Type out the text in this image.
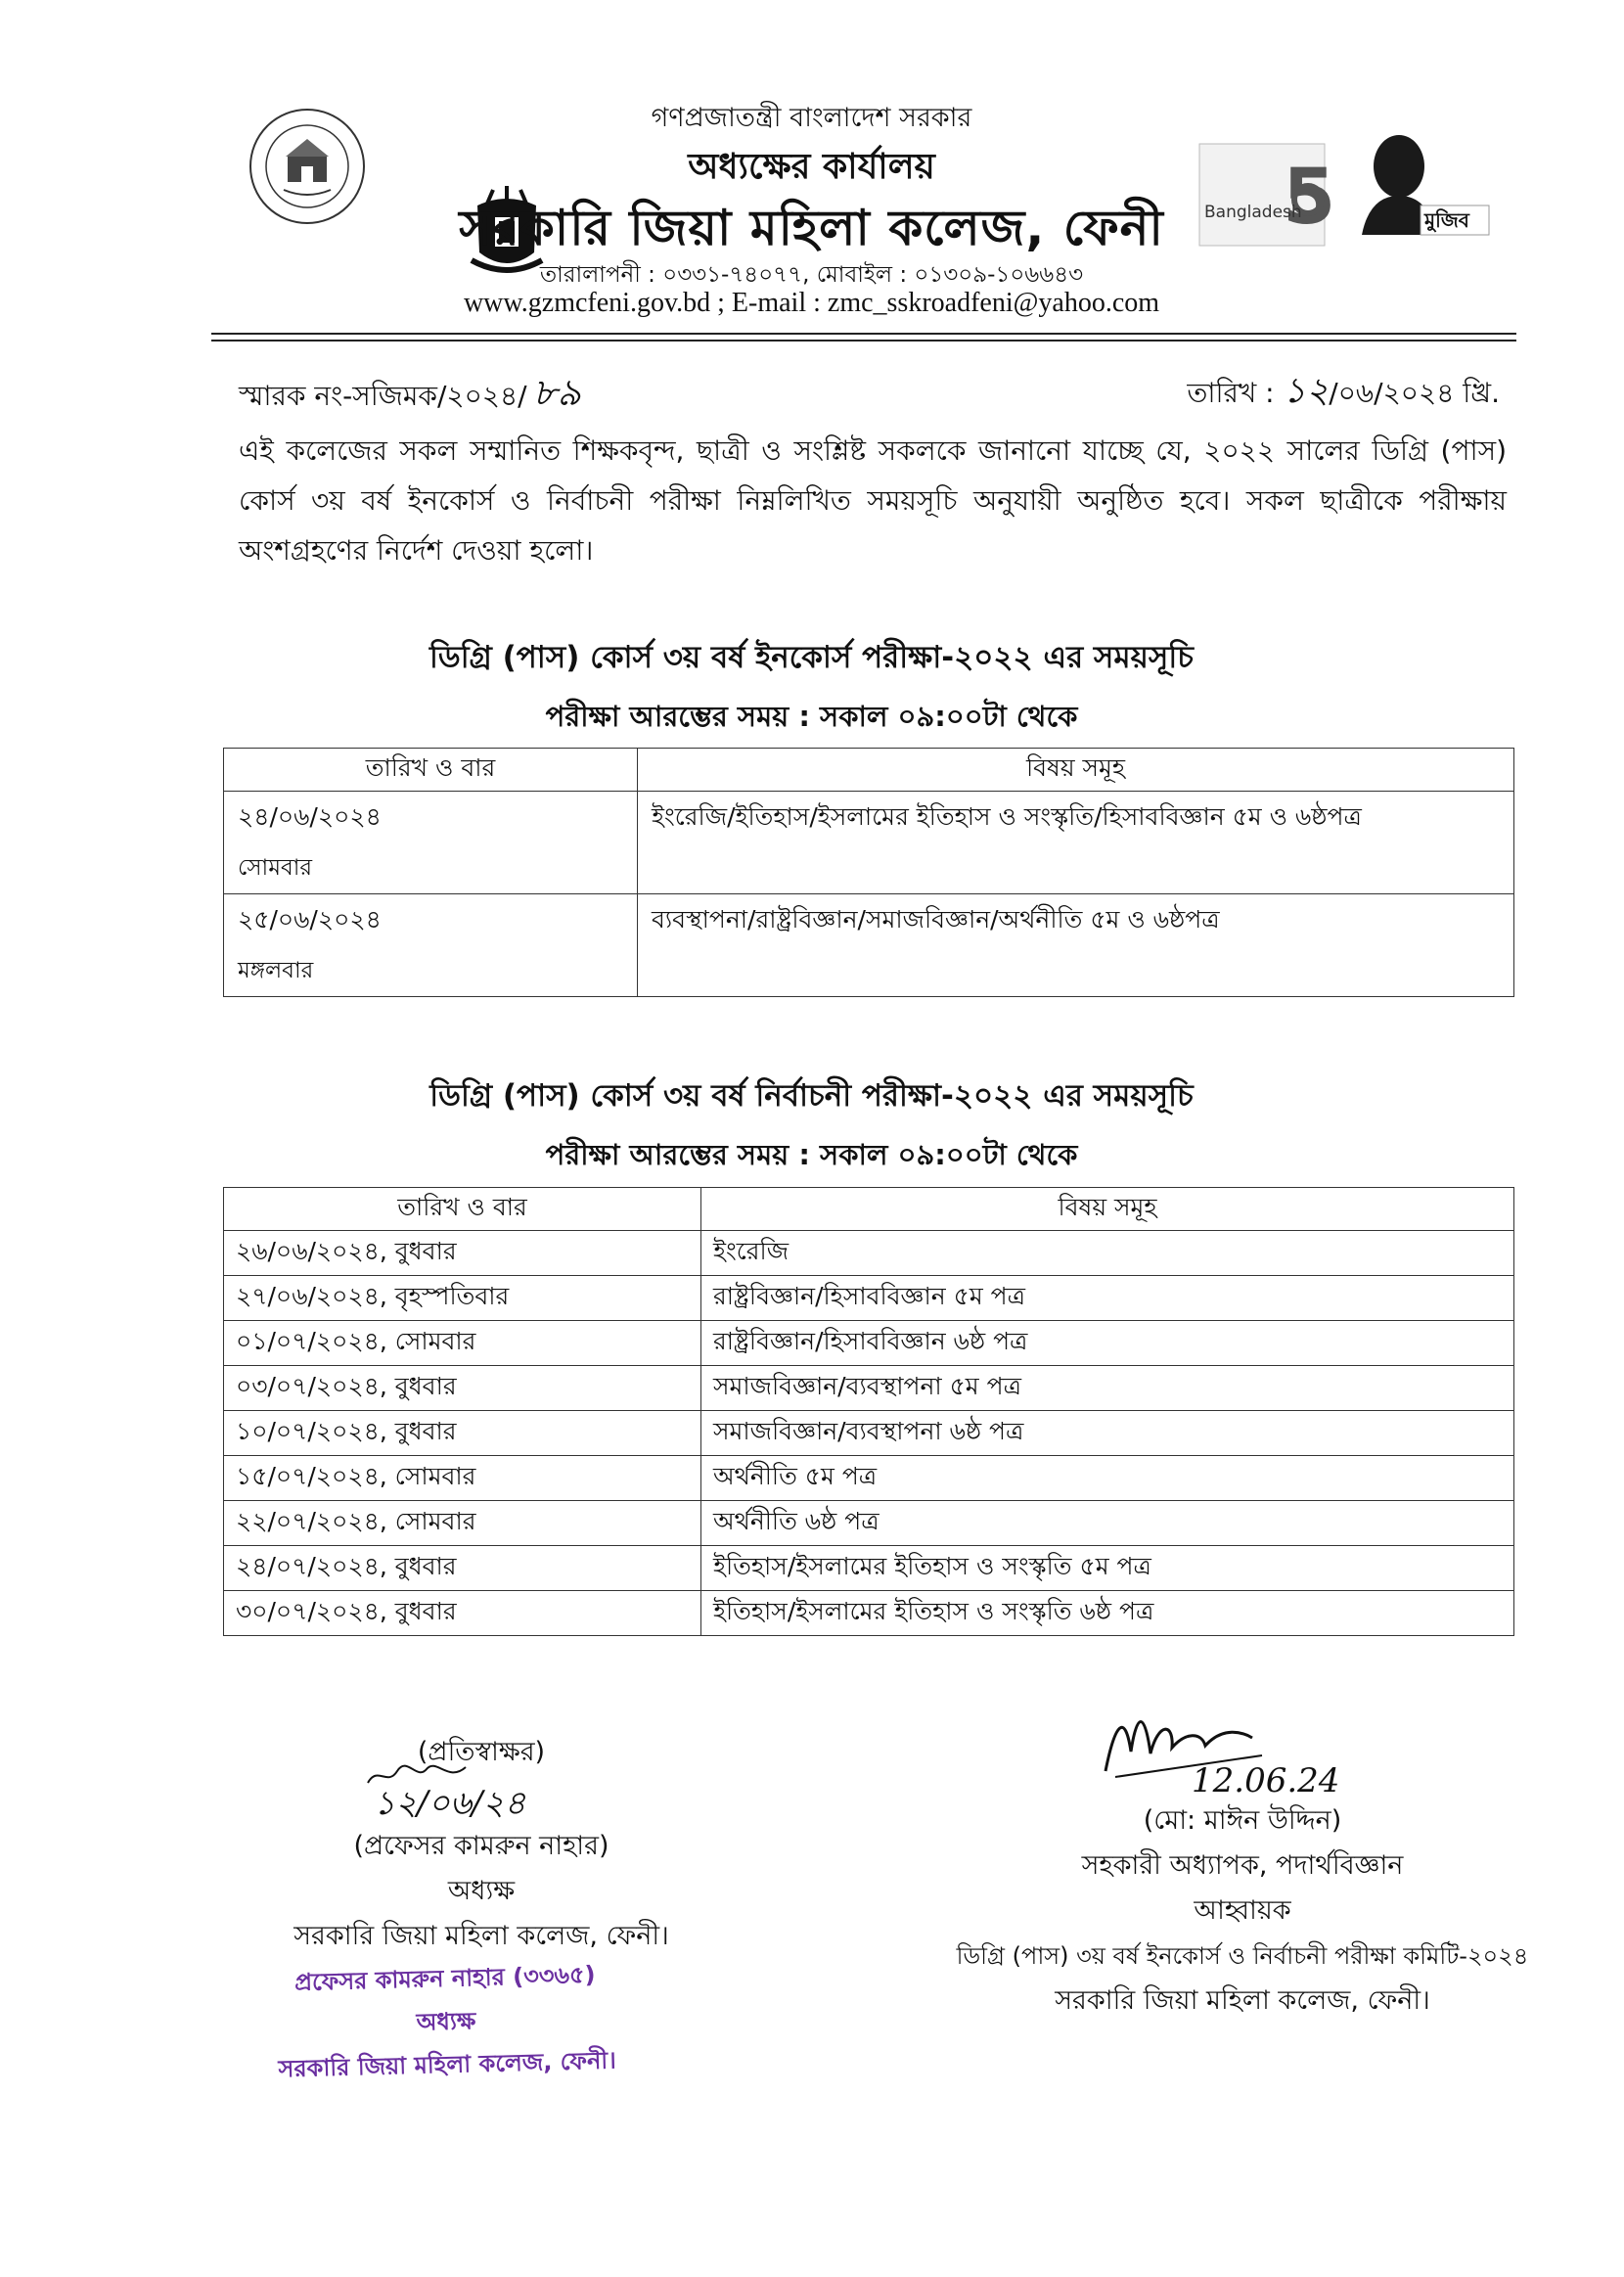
5
Bangladesh	মুজিব
গণপ্রজাতন্ত্রী বাংলাদেশ সরকার
অধ্যক্ষের কার্যালয়
সরকারি জিয়া মহিলা কলেজ, ফেনী
তারালাপনী : ০৩৩১-৭৪০৭৭, মোবাইল : ০১৩০৯-১০৬৬৪৩
www.gzmcfeni.gov.bd ; E-mail : zmc_sskroadfeni@yahoo.com
স্মারক নং-সজিমক/২০২৪/ ৮৯	তারিখ : ১২/০৬/২০২৪ খ্রি.
এই কলেজের সকল সম্মানিত শিক্ষকবৃন্দ, ছাত্রী ও সংশ্লিষ্ট সকলকে জানানো যাচ্ছে যে, ২০২২ সালের ডিগ্রি (পাস) কোর্স ৩য় বর্ষ ইনকোর্স ও নির্বাচনী পরীক্ষা নিম্নলিখিত সময়সূচি অনুযায়ী অনুষ্ঠিত হবে। সকল ছাত্রীকে পরীক্ষায় অংশগ্রহণের নির্দেশ দেওয়া হলো।
ডিগ্রি (পাস) কোর্স ৩য় বর্ষ ইনকোর্স পরীক্ষা-২০২২ এর সময়সূচি
পরীক্ষা আরম্ভের সময় : সকাল ০৯:০০টা থেকে
তারিখ ও বার	বিষয় সমূহ
২৪/০৬/২০২৪
সোমবার	ইংরেজি/ইতিহাস/ইসলামের ইতিহাস ও সংস্কৃতি/হিসাববিজ্ঞান ৫ম ও ৬ষ্ঠপত্র
২৫/০৬/২০২৪
মঙ্গলবার	ব্যবস্থাপনা/রাষ্ট্রবিজ্ঞান/সমাজবিজ্ঞান/অর্থনীতি ৫ম ও ৬ষ্ঠপত্র
ডিগ্রি (পাস) কোর্স ৩য় বর্ষ নির্বাচনী পরীক্ষা-২০২২ এর সময়সূচি
পরীক্ষা আরম্ভের সময় : সকাল ০৯:০০টা থেকে
তারিখ ও বার	বিষয় সমূহ
২৬/০৬/২০২৪, বুধবার	ইংরেজি
২৭/০৬/২০২৪, বৃহস্পতিবার	রাষ্ট্রবিজ্ঞান/হিসাববিজ্ঞান ৫ম পত্র
০১/০৭/২০২৪, সোমবার	রাষ্ট্রবিজ্ঞান/হিসাববিজ্ঞান ৬ষ্ঠ পত্র
০৩/০৭/২০২৪, বুধবার	সমাজবিজ্ঞান/ব্যবস্থাপনা ৫ম পত্র
১০/০৭/২০২৪, বুধবার	সমাজবিজ্ঞান/ব্যবস্থাপনা ৬ষ্ঠ পত্র
১৫/০৭/২০২৪, সোমবার	অর্থনীতি ৫ম পত্র
২২/০৭/২০২৪, সোমবার	অর্থনীতি ৬ষ্ঠ পত্র
২৪/০৭/২০২৪, বুধবার	ইতিহাস/ইসলামের ইতিহাস ও সংস্কৃতি ৫ম পত্র
৩০/০৭/২০২৪, বুধবার	ইতিহাস/ইসলামের ইতিহাস ও সংস্কৃতি ৬ষ্ঠ পত্র
(প্রতিস্বাক্ষর)
১২/০৬/২৪
(প্রফেসর কামরুন নাহার)
অধ্যক্ষ
সরকারি জিয়া মহিলা কলেজ, ফেনী।
প্রফেসর কামরুন নাহার (৩৩৬৫)
অধ্যক্ষ
সরকারি জিয়া মহিলা কলেজ, ফেনী।
12.06.24
(মো: মাঈন উদ্দিন)
সহকারী অধ্যাপক, পদার্থবিজ্ঞান
আহ্বায়ক
ডিগ্রি (পাস) ৩য় বর্ষ ইনকোর্স ও নির্বাচনী পরীক্ষা কমিটি-২০২৪
সরকারি জিয়া মহিলা কলেজ, ফেনী।
